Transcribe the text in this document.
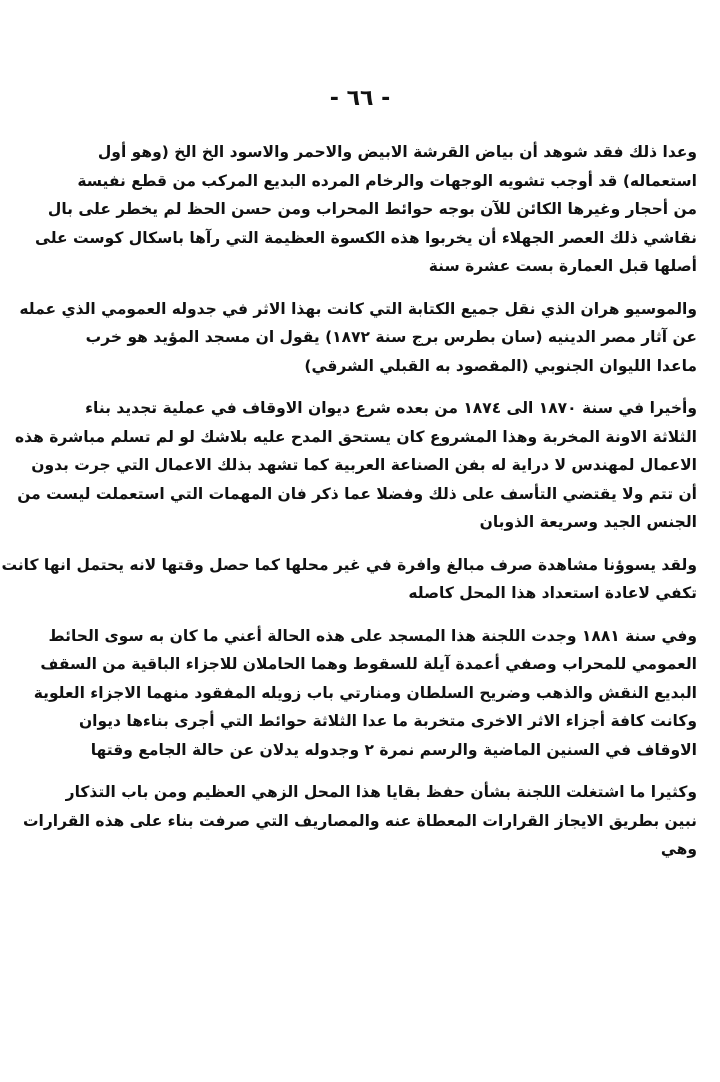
- ٦٦ -
وعدا ذلك فقد شوهد أن بياض القرشة الابيض والاحمر والاسود الخ الخ (وهو أول
استعماله) قد أوجب تشويه الوجهات والرخام المرده البديع المركب من قطع نفيسة
من أحجار وغيرها الكائن للآن بوجه حوائط المحراب ومن حسن الحظ لم يخطر على بال
نقاشي ذلك العصر الجهلاء أن يخربوا هذه الكسوة العظيمة التي رآها باسكال كوست على
أصلها قبل العمارة بست عشرة سنة
والموسيو هران الذي نقل جميع الكتابة التي كانت بهذا الاثر في جدوله العمومي الذي عمله
عن آثار مصر الدينيه (سان بطرس برج سنة ١٨٧٢) يقول ان مسجد المؤيد هو خرب
ماعدا الليوان الجنوبي (المقصود به القبلي الشرقي)
وأخيرا في سنة ١٨٧٠ الى ١٨٧٤ من بعده شرع ديوان الاوقاف في عملية تجديد بناء
الثلاثة الاونة المخربة وهذا المشروع كان يستحق المدح عليه بلاشك لو لم تسلم مباشرة هذه
الاعمال لمهندس لا دراية له بفن الصناعة العربية كما تشهد بذلك الاعمال التي جرت بدون
أن تتم ولا يقتضي التأسف على ذلك وفضلا عما ذكر فان المهمات التي استعملت ليست من
الجنس الجيد وسريعة الذوبان
ولقد يسوؤنا مشاهدة صرف مبالغ وافرة في غير محلها كما حصل وقتها لانه يحتمل انها كانت
تكفي لاعادة استعداد هذا المحل كاصله
وفي سنة ١٨٨١ وجدت اللجنة هذا المسجد على هذه الحالة أعني ما كان به سوى الحائط
العمومي للمحراب وصفي أعمدة آيلة للسقوط وهما الحاملان للاجزاء الباقية من السقف
البديع النقش والذهب وضريح السلطان ومنارتي باب زويله المفقود منهما الاجزاء العلوية
وكانت كافة أجزاء الاثر الاخرى متخربة ما عدا الثلاثة حوائط التي أجرى بناءها ديوان
الاوقاف في السنين الماضية والرسم نمرة ٢ وجدوله يدلان عن حالة الجامع وقتها
وكثيرا ما اشتغلت اللجنة بشأن حفظ بقايا هذا المحل الزهي العظيم ومن باب التذكار
نبين بطريق الايجاز القرارات المعطاة عنه والمصاريف التي صرفت بناء على هذه القرارات
وهي
